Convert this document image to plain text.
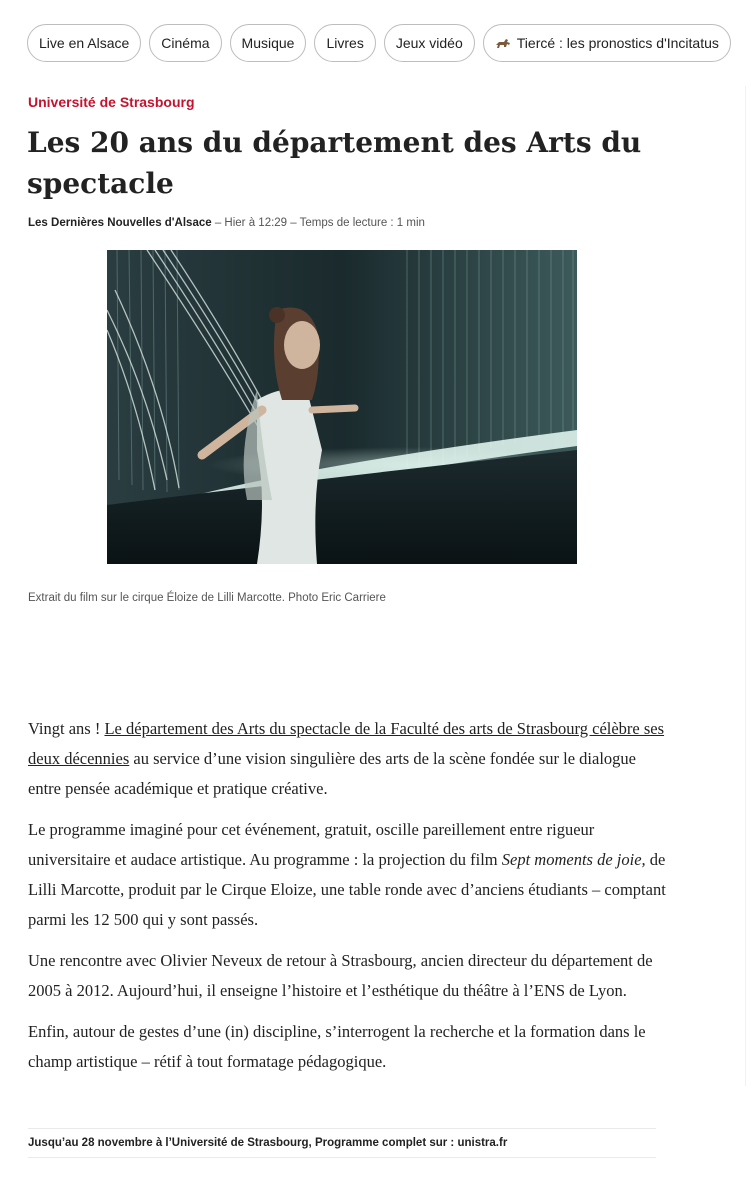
Live en Alsace Cinéma Musique Livres Jeux vidéo	Tiercé : les pronostics d'Incitatus
Université de Strasbourg
Les 20 ans du département des Arts du spectacle
Les Dernières Nouvelles d'Alsace – Hier à 12:29 – Temps de lecture : 1 min
Extrait du film sur le cirque Éloize de Lilli Marcotte. Photo Eric Carriere

Vingt ans ! Le département des Arts du spectacle de la Faculté des arts de Strasbourg célèbre ses deux décennies au service d’une vision singulière des arts de la scène fondée sur le dialogue entre pensée académique et pratique créative.

Le programme imaginé pour cet événement, gratuit, oscille pareillement entre rigueur universitaire et audace artistique. Au programme : la projection du film Sept moments de joie, de Lilli Marcotte, produit par le Cirque Eloize, une table ronde avec d’anciens étudiants – comptant parmi les 12 500 qui y sont passés.

Une rencontre avec Olivier Neveux de retour à Strasbourg, ancien directeur du département de 2005 à 2012. Aujourd’hui, il enseigne l’histoire et l’esthétique du théâtre à l’ENS de Lyon.

Enfin, autour de gestes d’une (in) discipline, s’interrogent la recherche et la formation dans le champ artistique – rétif à tout formatage pédagogique.

Jusqu’au 28 novembre à l’Université de Strasbourg, Programme complet sur : unistra.fr
